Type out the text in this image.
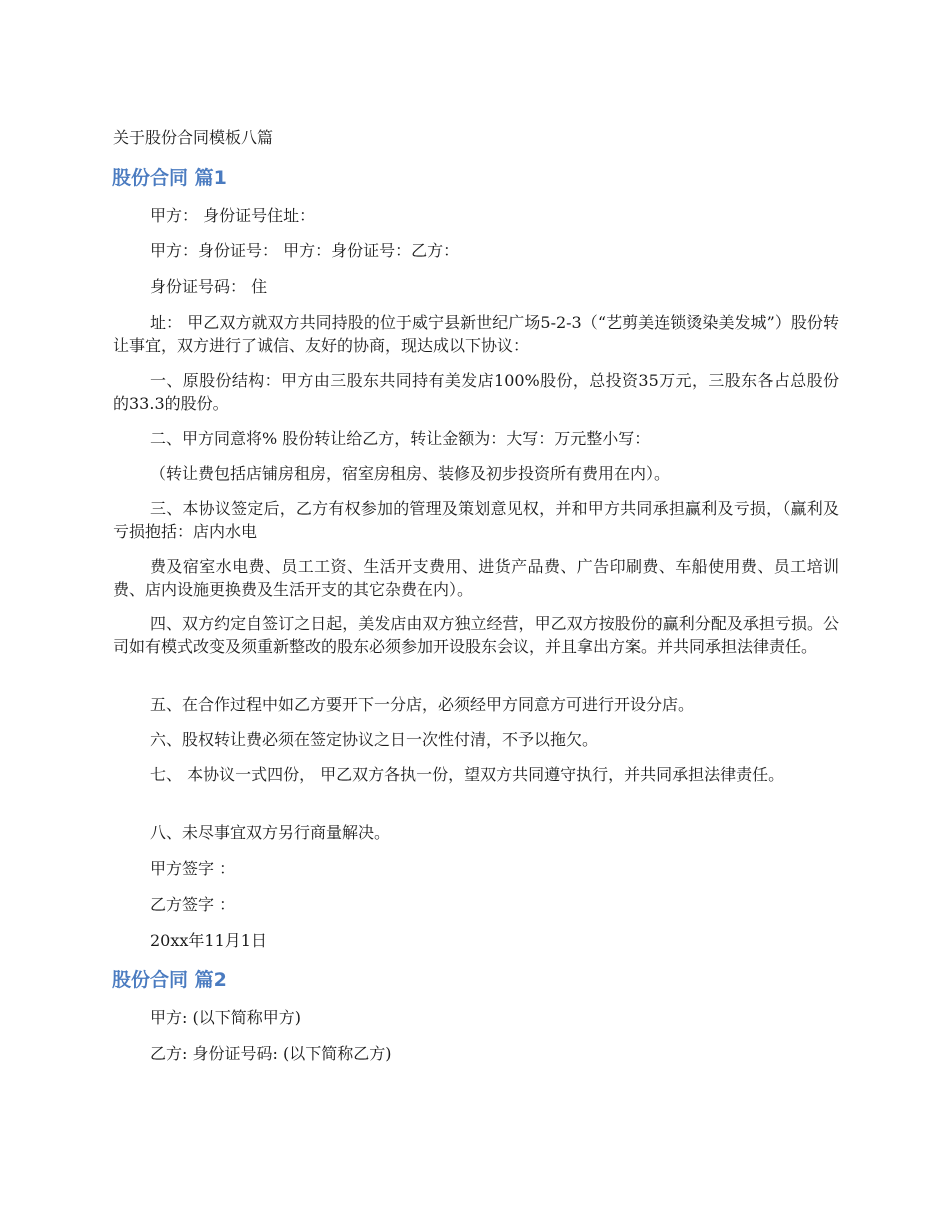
关于股份合同模板八篇
股份合同 篇1
甲方： 身份证号住址：
甲方：身份证号： 甲方：身份证号：乙方：
身份证号码： 住
址： 甲乙双方就双方共同持股的位于威宁县新世纪广场5-2-3（“艺剪美连锁烫染美发城”）股份转让事宜，双方进行了诚信、友好的协商，现达成以下协议：
一、原股份结构：甲方由三股东共同持有美发店100%股份，总投资35万元，三股东各占总股份的33.3的股份。
二、甲方同意将% 股份转让给乙方，转让金额为：大写：万元整小写：
（转让费包括店铺房租房，宿室房租房、装修及初步投资所有费用在内）。
三、本协议签定后，乙方有权参加的管理及策划意见权，并和甲方共同承担赢利及亏损，（赢利及亏损抱括：店内水电
费及宿室水电费、员工工资、生活开支费用、进货产品费、广告印刷费、车船使用费、员工培训费、店内设施更换费及生活开支的其它杂费在内）。
四、双方约定自签订之日起，美发店由双方独立经营，甲乙双方按股份的赢利分配及承担亏损。公司如有模式改变及须重新整改的股东必须参加开设股东会议，并且拿出方案。并共同承担法律责任。
五、在合作过程中如乙方要开下一分店，必须经甲方同意方可进行开设分店。
六、股权转让费必须在签定协议之日一次性付清，不予以拖欠。
七、 本协议一式四份， 甲乙双方各执一份，望双方共同遵守执行，并共同承担法律责任。
八、未尽事宜双方另行商量解决。
甲方签字 ：
乙方签字 ：
20xx年11月1日
股份合同 篇2
甲方: (以下简称甲方)
乙方: 身份证号码: (以下简称乙方)
